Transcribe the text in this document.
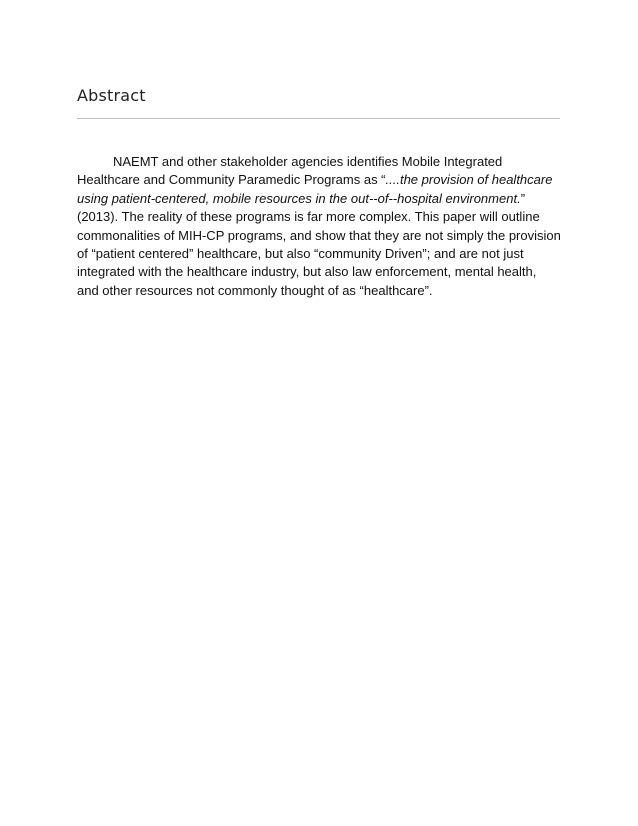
Abstract

NAEMT and other stakeholder agencies identifies Mobile Integrated Healthcare and Community Paramedic Programs as “....the provision of healthcare using patient-centered, mobile resources in the out--of--hospital environment.” (2013). The reality of these programs is far more complex. This paper will outline commonalities of MIH-CP programs, and show that they are not simply the provision of “patient centered” healthcare, but also “community Driven”; and are not just integrated with the healthcare industry, but also law enforcement, mental health, and other resources not commonly thought of as “healthcare”.
